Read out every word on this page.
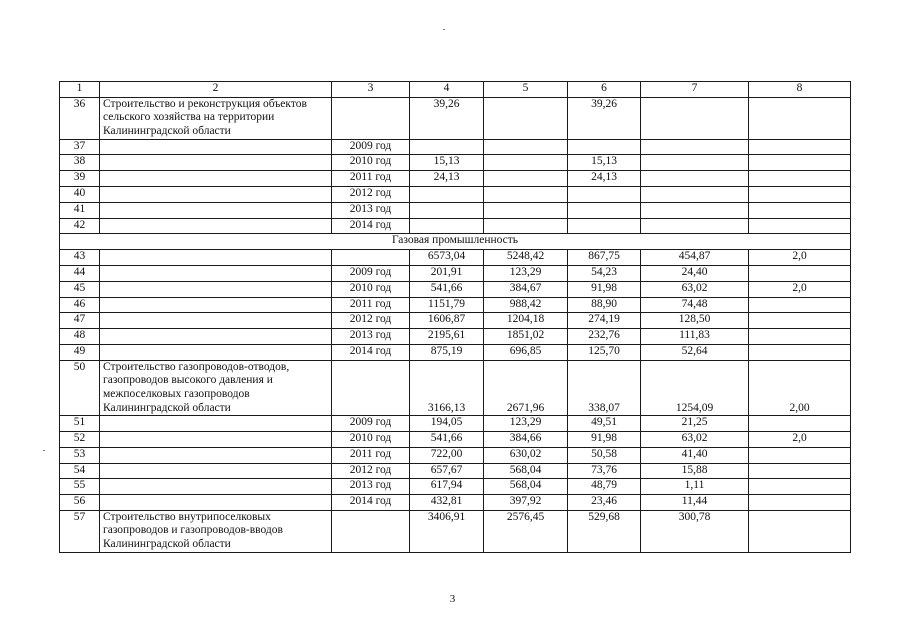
1	2	3	4	5	6	7	8
36	Строительство и реконструкция объектов сельского хозяйства на территории Калининградской области		39,26		39,26		
37		2009 год					
38		2010 год	15,13		15,13		
39		2011 год	24,13		24,13		
40		2012 год					
41		2013 год					
42		2014 год					
Газовая промышленность							
43			6573,04	5248,42	867,75	454,87	2,0
44		2009 год	201,91	123,29	54,23	24,40	
45		2010 год	541,66	384,67	91,98	63,02	2,0
46		2011 год	1151,79	988,42	88,90	74,48	
47		2012 год	1606,87	1204,18	274,19	128,50	
48		2013 год	2195,61	1851,02	232,76	111,83	
49		2014 год	875,19	696,85	125,70	52,64	
50	Строительство газопроводов-отводов, газопроводов высокого давления и межпоселковых газопроводов Калининградской области		3166,13	2671,96	338,07	1254,09	2,00
51		2009 год	194,05	123,29	49,51	21,25	
52		2010 год	541,66	384,66	91,98	63,02	2,0
53		2011 год	722,00	630,02	50,58	41,40	
54		2012 год	657,67	568,04	73,76	15,88	
55		2013 год	617,94	568,04	48,79	1,11	
56		2014 год	432,81	397,92	23,46	11,44	
57	Строительство внутрипоселковых газопроводов и газопроводов-вводов Калининградской области		3406,91	2576,45	529,68	300,78	
3
